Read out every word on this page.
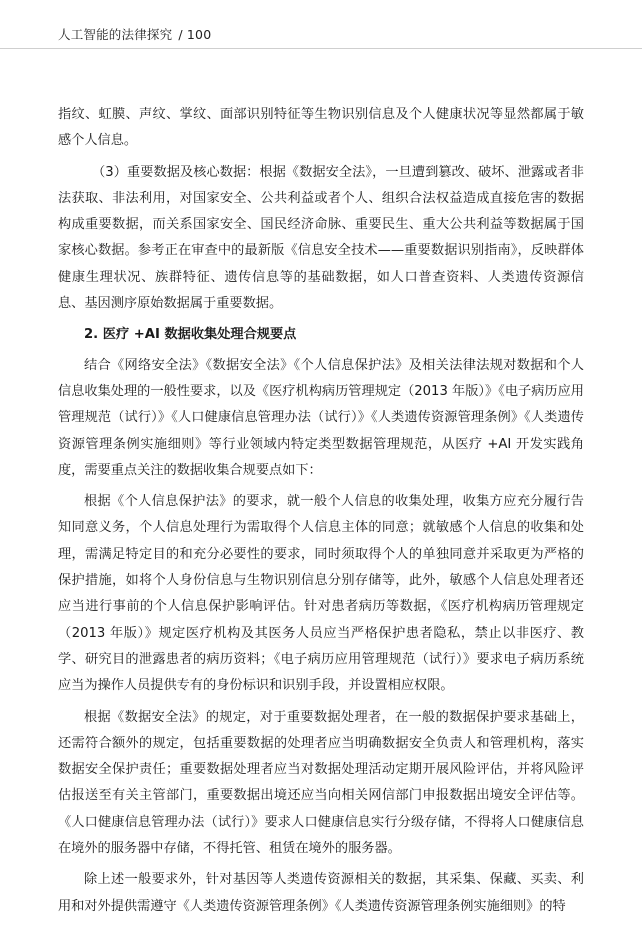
人工智能的法律探究 / 100

指纹、虹膜、声纹、掌纹、面部识别特征等生物识别信息及个人健康状况等显然都属于敏感个人信息。

（3）重要数据及核心数据：根据《数据安全法》，一旦遭到篡改、破坏、泄露或者非法获取、非法利用，对国家安全、公共利益或者个人、组织合法权益造成直接危害的数据构成重要数据，而关系国家安全、国民经济命脉、重要民生、重大公共利益等数据属于国家核心数据。参考正在审查中的最新版《信息安全技术——重要数据识别指南》，反映群体健康生理状况、族群特征、遗传信息等的基础数据，如人口普查资料、人类遗传资源信息、基因测序原始数据属于重要数据。

2. 医疗 +AI 数据收集处理合规要点

结合《网络安全法》《数据安全法》《个人信息保护法》及相关法律法规对数据和个人信息收集处理的一般性要求，以及《医疗机构病历管理规定（2013 年版）》《电子病历应用管理规范（试行）》《人口健康信息管理办法（试行）》《人类遗传资源管理条例》《人类遗传资源管理条例实施细则》等行业领域内特定类型数据管理规范，从医疗 +AI 开发实践角度，需要重点关注的数据收集合规要点如下：

根据《个人信息保护法》的要求，就一般个人信息的收集处理，收集方应充分履行告知同意义务，个人信息处理行为需取得个人信息主体的同意；就敏感个人信息的收集和处理，需满足特定目的和充分必要性的要求，同时须取得个人的单独同意并采取更为严格的保护措施，如将个人身份信息与生物识别信息分别存储等，此外，敏感个人信息处理者还应当进行事前的个人信息保护影响评估。针对患者病历等数据，《医疗机构病历管理规定（2013 年版）》规定医疗机构及其医务人员应当严格保护患者隐私，禁止以非医疗、教学、研究目的泄露患者的病历资料；《电子病历应用管理规范（试行）》要求电子病历系统应当为操作人员提供专有的身份标识和识别手段，并设置相应权限。

根据《数据安全法》的规定，对于重要数据处理者，在一般的数据保护要求基础上，还需符合额外的规定，包括重要数据的处理者应当明确数据安全负责人和管理机构，落实数据安全保护责任；重要数据处理者应当对数据处理活动定期开展风险评估，并将风险评估报送至有关主管部门，重要数据出境还应当向相关网信部门申报数据出境安全评估等。《人口健康信息管理办法（试行）》要求人口健康信息实行分级存储，不得将人口健康信息在境外的服务器中存储，不得托管、租赁在境外的服务器。

除上述一般要求外，针对基因等人类遗传资源相关的数据，其采集、保藏、买卖、利用和对外提供需遵守《人类遗传资源管理条例》《人类遗传资源管理条例实施细则》的特
